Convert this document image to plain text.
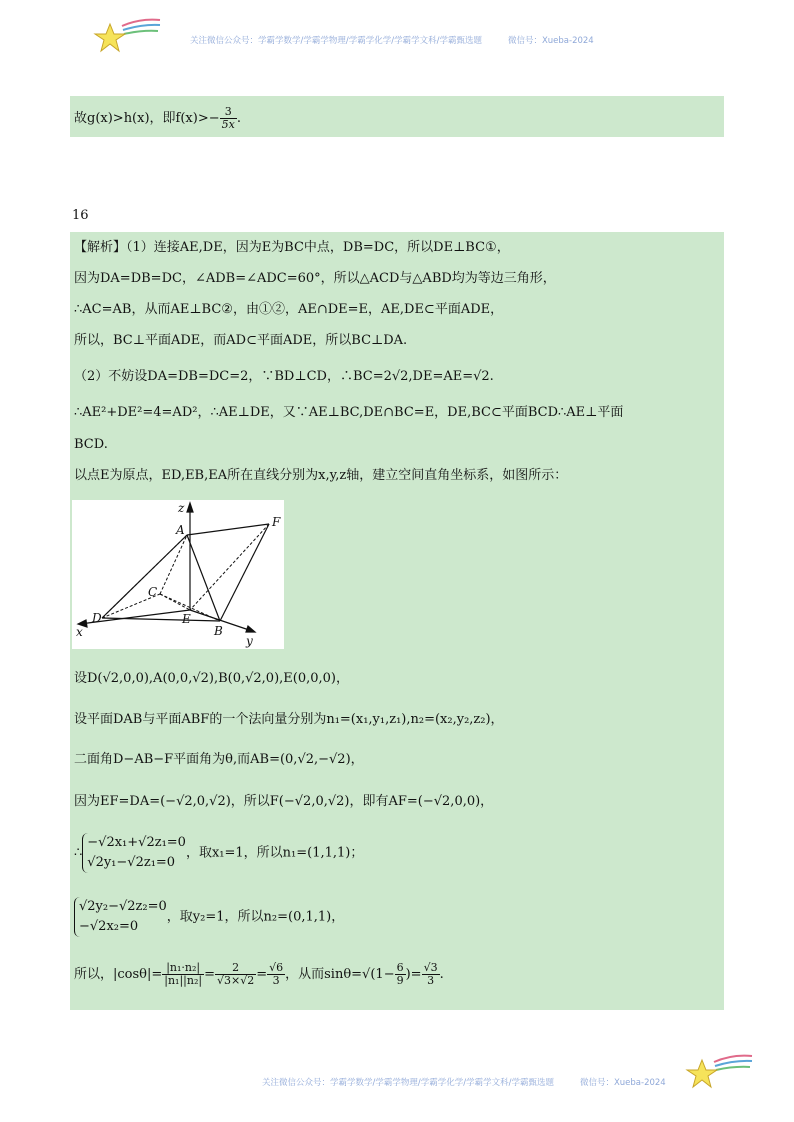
关注微信公众号：学霸学数学/学霸学物理/学霸学化学/学霸学文科/学霸甄选题	微信号：Xueba-2024
故g(x)>h(x)，即$f(x)>- \frac{3}{5x}$ .
16
【解析】（1）连接AE,DE，因为E为BC中点，DB=DC，所以DE⊥BC①，
因为DA=DB=DC，∠ADB=∠ADC=60°，所以△ACD与△ABD均为等边三角形，
∴AC=AB，从而AE⊥BC②，由①②，AE∩DE=E，AE,DE⊂平面ADE，
所以，BC⊥平面ADE，而AD⊂平面ADE，所以BC⊥DA.
（2）不妨设DA=DB=DC=2，∵BD⊥CD，∴BC=2√2,DE=AE=√2.
∴AE²+DE²=4=AD²，∴AE⊥DE，又∵AE⊥BC,DE∩BC=E，DE,BC⊂平面BCD∴AE⊥平面
BCD.
以点E为原点，ED,EB,EA所在直线分别为x,y,z轴，建立空间直角坐标系，如图所示：
z
A
F
C
D	E
B
x
y
设D(√2,0,0),A(0,0,√2),B(0,√2,0),E(0,0,0)，
设平面DAB与平面ABF的一个法向量分别为n₁=(x₁,y₁,z₁),n₂=(x₂,y₂,z₂)，
二面角D−AB−F平面角为θ,而AB=(0,√2,−√2)，
因为EF=DA=(−√2,0,√2)，所以F(−√2,0,√2)，即有AF=(−√2,0,0)，
∴
−√2x₁+√2z₁=0
√2y₁−√2z₁=0
，取x₁=1，所以n₁=(1,1,1)；
√2y₂−√2z₂=0
−√2x₂=0
，取y₂=1，所以n₂=(0,1,1)，
所以，$|\cos\theta|= \frac{\text{|n₁·n₂|}}{\text{|n₁||n₂|}} = \frac{2}{√3\times√2} = \frac{√6}{3}$ ，从而$\sin\theta=√(1- \frac{6}{9}$ )= $\frac{√3}{3}$ .
关注微信公众号：学霸学数学/学霸学物理/学霸学化学/学霸学文科/学霸甄选题	微信号：Xueba-2024
